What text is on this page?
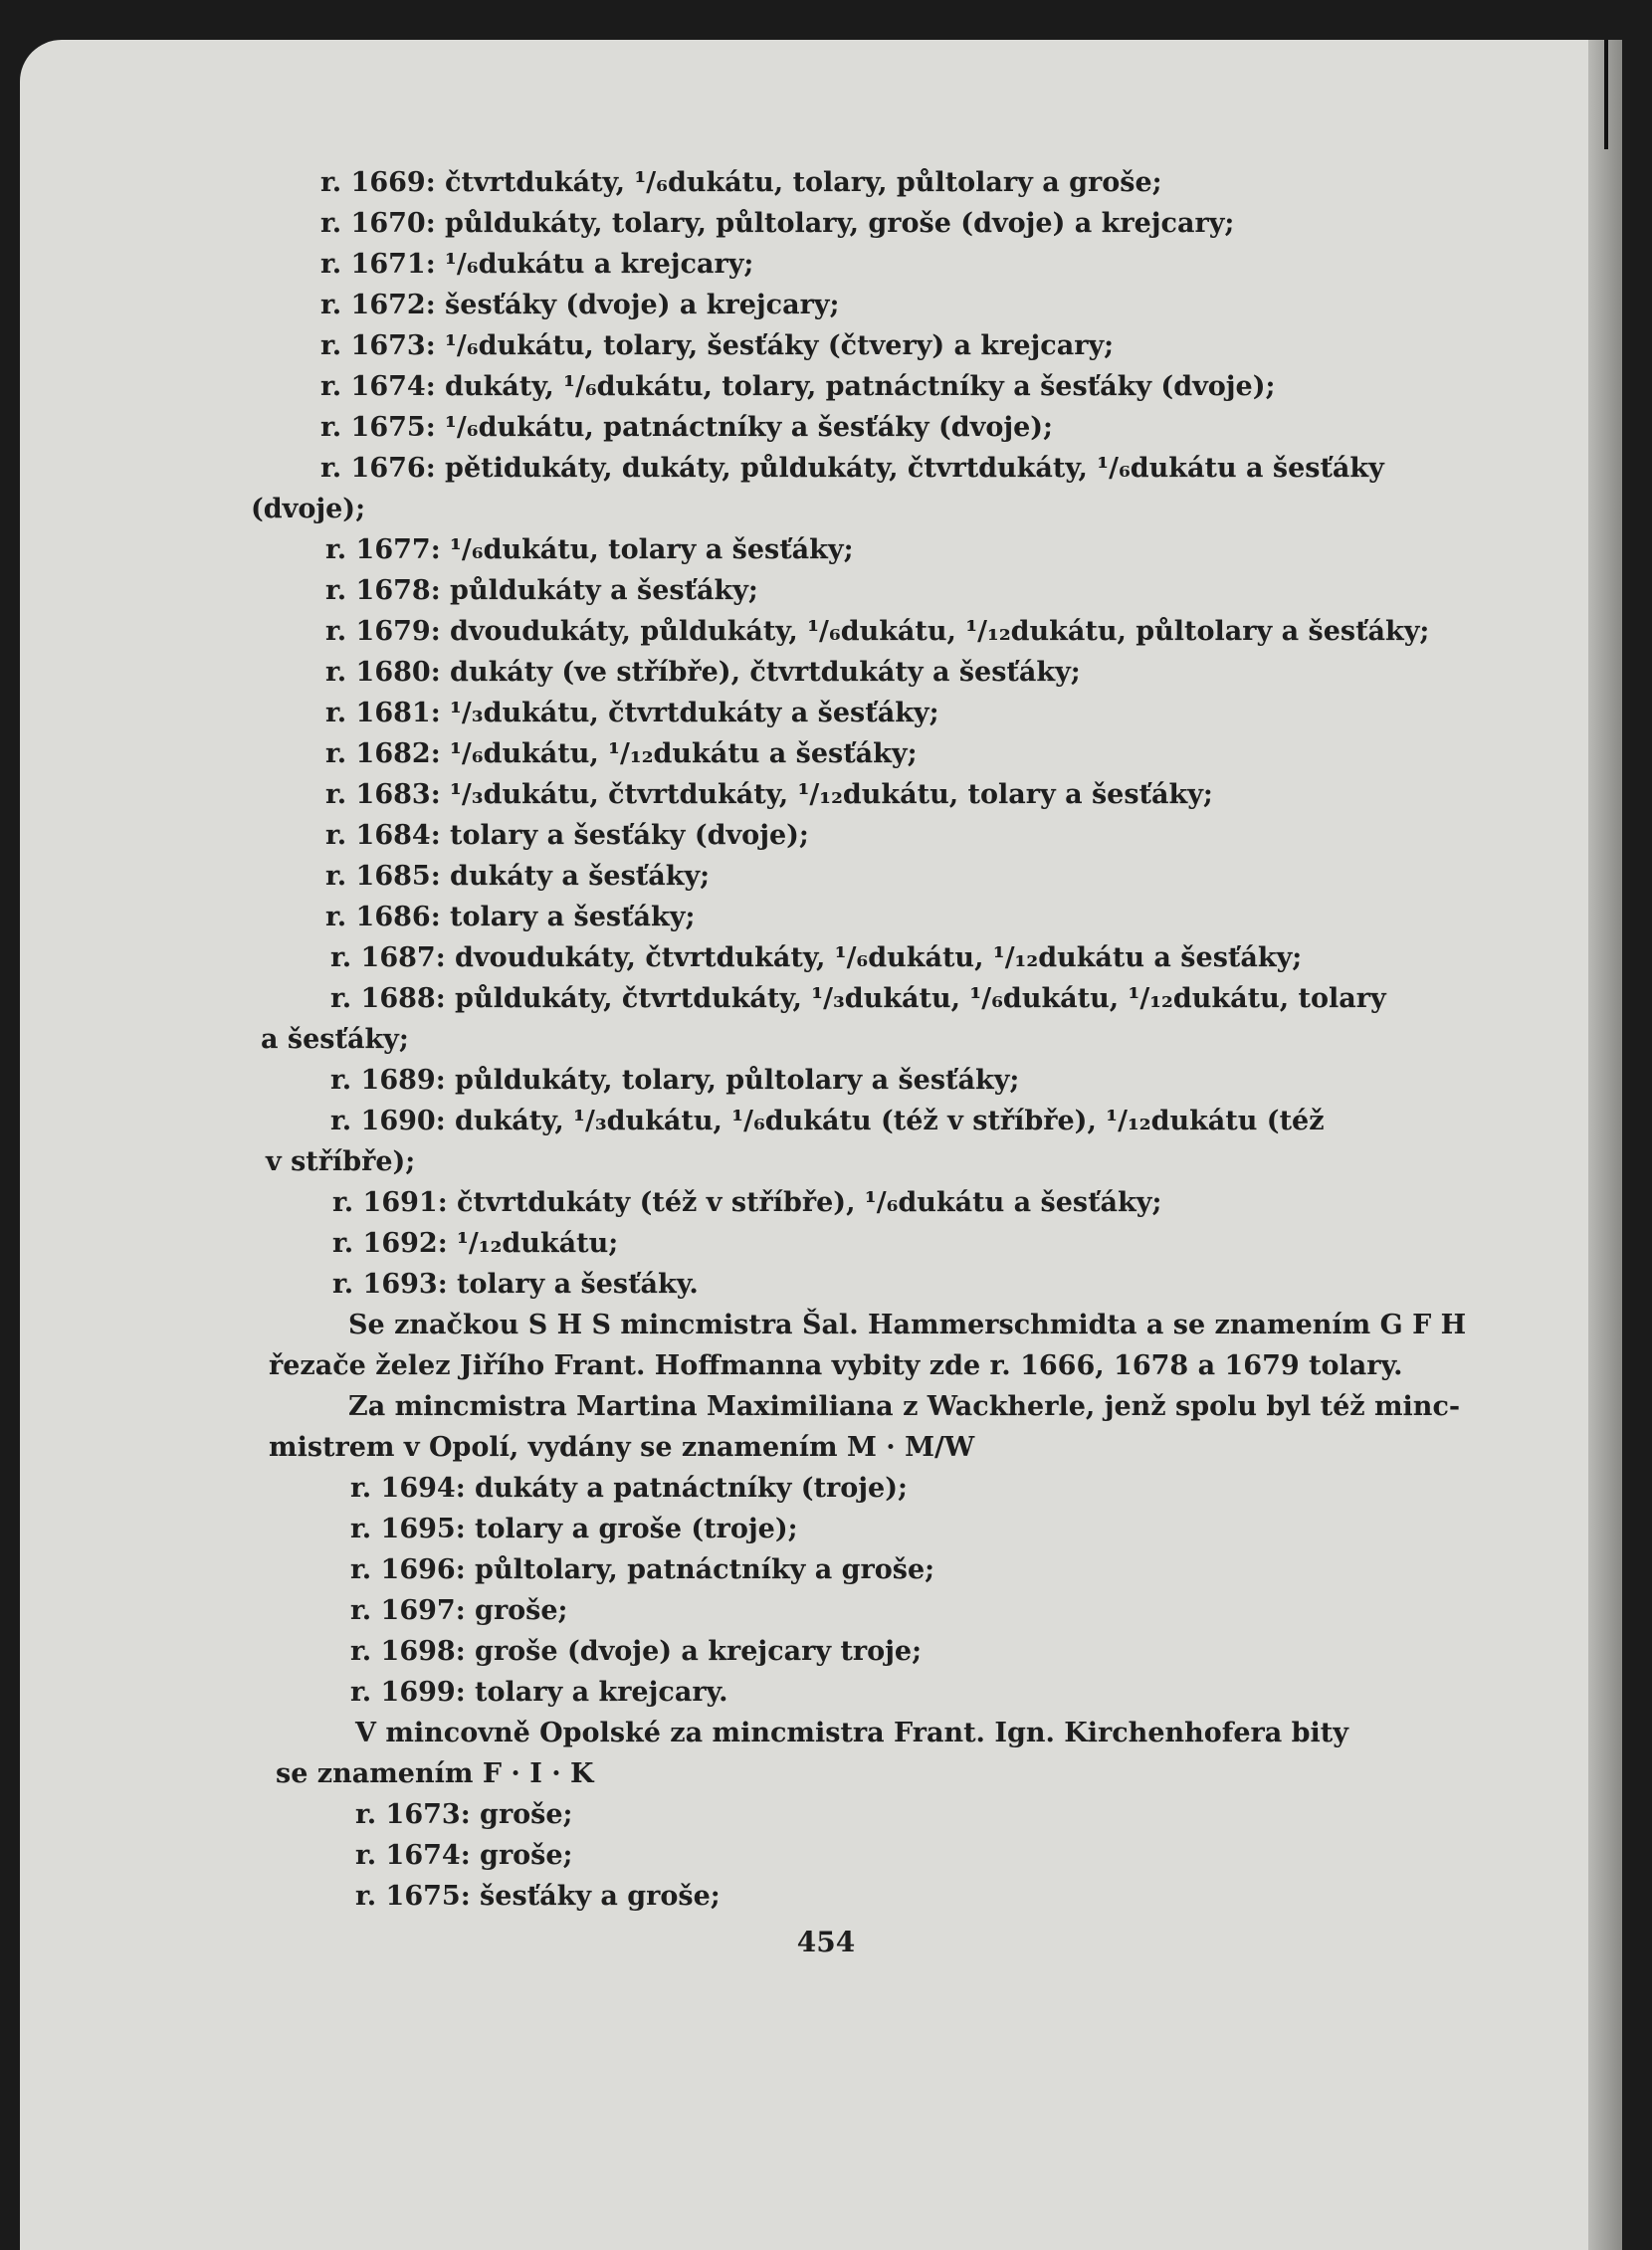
r. 1669: čtvrtdukáty, ¹/₆dukátu, tolary, půltolary a groše;
r. 1670: půldukáty, tolary, půltolary, groše (dvoje) a krejcary;
r. 1671: ¹/₆dukátu a krejcary;
r. 1672: šesťáky (dvoje) a krejcary;
r. 1673: ¹/₆dukátu, tolary, šesťáky (čtvery) a krejcary;
r. 1674: dukáty, ¹/₆dukátu, tolary, patnáctníky a šesťáky (dvoje);
r. 1675: ¹/₆dukátu, patnáctníky a šesťáky (dvoje);
r. 1676: pětidukáty, dukáty, půldukáty, čtvrtdukáty, ¹/₆dukátu a šesťáky
(dvoje);
r. 1677: ¹/₆dukátu, tolary a šesťáky;
r. 1678: půldukáty a šesťáky;
r. 1679: dvoudukáty, půldukáty, ¹/₆dukátu, ¹/₁₂dukátu, půltolary a šesťáky;
r. 1680: dukáty (ve stříbře), čtvrtdukáty a šesťáky;
r. 1681: ¹/₃dukátu, čtvrtdukáty a šesťáky;
r. 1682: ¹/₆dukátu, ¹/₁₂dukátu a šesťáky;
r. 1683: ¹/₃dukátu, čtvrtdukáty, ¹/₁₂dukátu, tolary a šesťáky;
r. 1684: tolary a šesťáky (dvoje);
r. 1685: dukáty a šesťáky;
r. 1686: tolary a šesťáky;
r. 1687: dvoudukáty, čtvrtdukáty, ¹/₆dukátu, ¹/₁₂dukátu a šesťáky;
r. 1688: půldukáty, čtvrtdukáty, ¹/₃dukátu, ¹/₆dukátu, ¹/₁₂dukátu, tolary
a šesťáky;
r. 1689: půldukáty, tolary, půltolary a šesťáky;
r. 1690: dukáty, ¹/₃dukátu, ¹/₆dukátu (též v stříbře), ¹/₁₂dukátu (též
v stříbře);
r. 1691: čtvrtdukáty (též v stříbře), ¹/₆dukátu a šesťáky;
r. 1692: ¹/₁₂dukátu;
r. 1693: tolary a šesťáky.
Se značkou S H S mincmistra Šal. Hammerschmidta a se znamením G F H
řezače želez Jiřího Frant. Hoffmanna vybity zde r. 1666, 1678 a 1679 tolary.
Za mincmistra Martina Maximiliana z Wackherle, jenž spolu byl též minc-
mistrem v Opolí, vydány se znamením M · M/W
r. 1694: dukáty a patnáctníky (troje);
r. 1695: tolary a groše (troje);
r. 1696: půltolary, patnáctníky a groše;
r. 1697: groše;
r. 1698: groše (dvoje) a krejcary troje;
r. 1699: tolary a krejcary.
V mincovně Opolské za mincmistra Frant. Ign. Kirchenhofera bity
se znamením F · I · K
r. 1673: groše;
r. 1674: groše;
r. 1675: šesťáky a groše;
454
